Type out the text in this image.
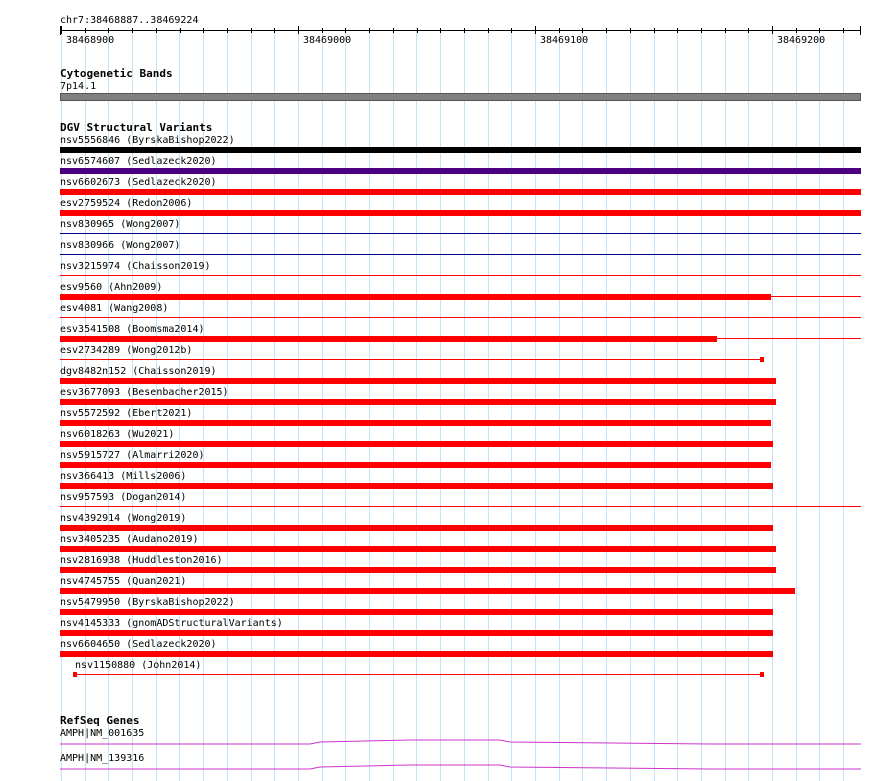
chr7:38468887..38469224
38468900	38469000	38469100	38469200
Cytogenetic Bands
7p14.1
DGV Structural Variants
nsv5556846 (ByrskaBishop2022)
nsv6574607 (Sedlazeck2020)
nsv6602673 (Sedlazeck2020)
esv2759524 (Redon2006)
nsv830965 (Wong2007)
nsv830966 (Wong2007)
nsv3215974 (Chaisson2019)
esv9560 (Ahn2009)
esv4081 (Wang2008)
esv3541508 (Boomsma2014)
esv2734289 (Wong2012b)
dgv8482n152 (Chaisson2019)
esv3677093 (Besenbacher2015)
nsv5572592 (Ebert2021)
nsv6018263 (Wu2021)
nsv5915727 (Almarri2020)
nsv366413 (Mills2006)
nsv957593 (Dogan2014)
nsv4392914 (Wong2019)
nsv3405235 (Audano2019)
nsv2816938 (Huddleston2016)
nsv4745755 (Quan2021)
nsv5479950 (ByrskaBishop2022)
nsv4145333 (gnomADStructuralVariants)
nsv6604650 (Sedlazeck2020)
nsv1150880 (John2014)
RefSeq Genes
AMPH|NM_001635
AMPH|NM_139316
